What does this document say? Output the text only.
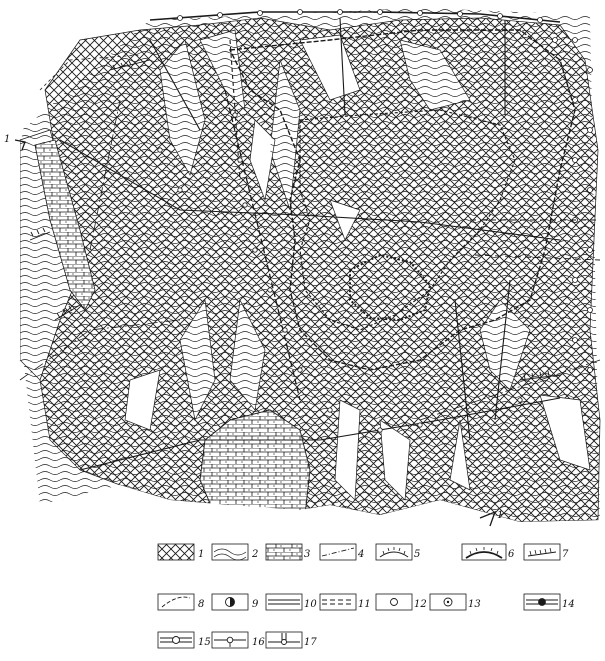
1
1
1	2	3	4	5	6	7
8	9	10	11	12	13	14
15	16	17
